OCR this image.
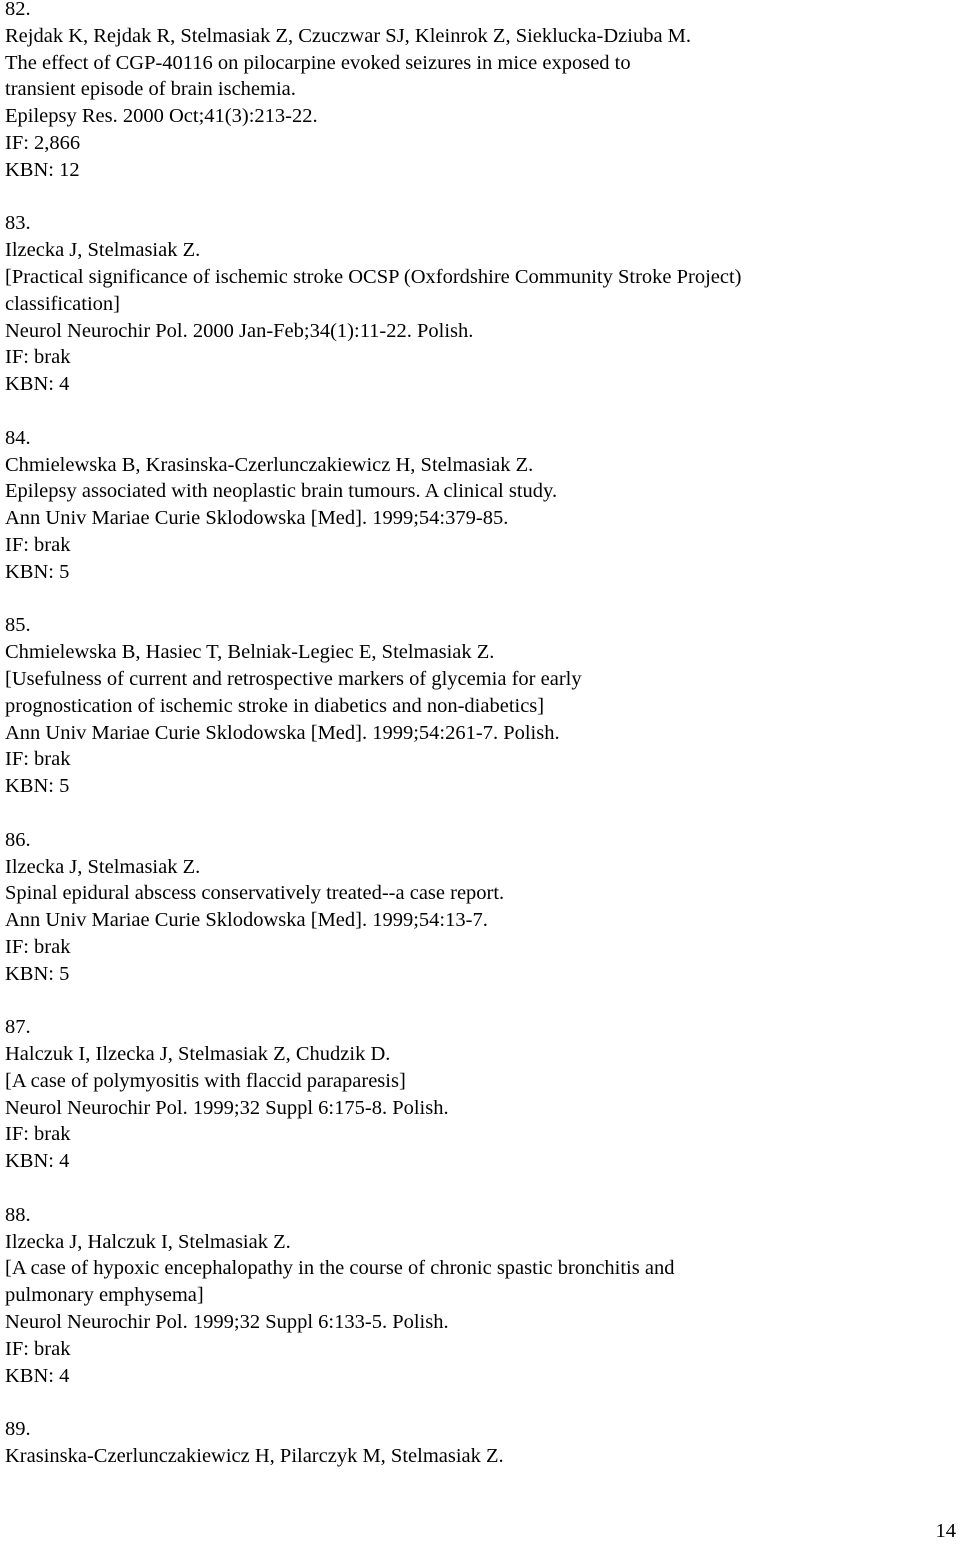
82.
Rejdak K, Rejdak R, Stelmasiak Z, Czuczwar SJ, Kleinrok Z, Sieklucka-Dziuba M.
The effect of CGP-40116 on pilocarpine evoked seizures in mice exposed to
transient episode of brain ischemia.
Epilepsy Res. 2000 Oct;41(3):213-22.
IF: 2,866
KBN: 12
83.
Ilzecka J, Stelmasiak Z.
[Practical significance of ischemic stroke OCSP (Oxfordshire Community Stroke Project)
classification]
Neurol Neurochir Pol. 2000 Jan-Feb;34(1):11-22. Polish.
IF: brak
KBN: 4
84.
Chmielewska B, Krasinska-Czerlunczakiewicz H, Stelmasiak Z.
Epilepsy associated with neoplastic brain tumours. A clinical study.
Ann Univ Mariae Curie Sklodowska [Med]. 1999;54:379-85.
IF: brak
KBN: 5
85.
Chmielewska B, Hasiec T, Belniak-Legiec E, Stelmasiak Z.
[Usefulness of current and retrospective markers of glycemia for early
prognostication of ischemic stroke in diabetics and non-diabetics]
Ann Univ Mariae Curie Sklodowska [Med]. 1999;54:261-7. Polish.
IF: brak
KBN: 5
86.
Ilzecka J, Stelmasiak Z.
Spinal epidural abscess conservatively treated--a case report.
Ann Univ Mariae Curie Sklodowska [Med]. 1999;54:13-7.
IF: brak
KBN: 5
87.
Halczuk I, Ilzecka J, Stelmasiak Z, Chudzik D.
[A case of polymyositis with flaccid paraparesis]
Neurol Neurochir Pol. 1999;32 Suppl 6:175-8. Polish.
IF: brak
KBN: 4
88.
Ilzecka J, Halczuk I, Stelmasiak Z.
[A case of hypoxic encephalopathy in the course of chronic spastic bronchitis and
pulmonary emphysema]
Neurol Neurochir Pol. 1999;32 Suppl 6:133-5. Polish.
IF: brak
KBN: 4
89.
Krasinska-Czerlunczakiewicz H, Pilarczyk M, Stelmasiak Z.
14
